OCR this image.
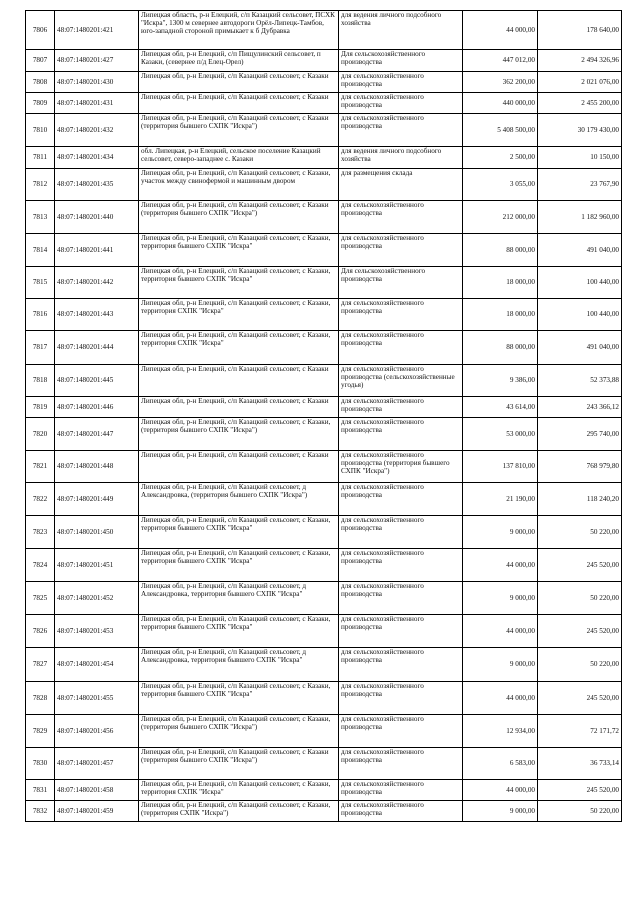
7806	48:07:1480201:421	Липецкая область, р-н Елецкий, с/п Казацкий сельсовет, ПСХК "Искра", 1300 м севернее автодороги Орёл-Липецк-Тамбов, юго-западной стороной примыкает к б Дубравка	для ведения личного подсобного хозяйства	44 000,00	178 640,00
7807	48:07:1480201:427	Липецкая обл, р-н Елецкий, с/п Пищулинский сельсовет, п Казаки, (севернее п/д Елец-Орел)	Для сельскохозяйственного производства	447 012,00	2 494 326,96
7808	48:07:1480201:430	Липецкая обл, р-н Елецкий, с/п Казацкий сельсовет, с Казаки	для сельскохозяйственного производства	362 200,00	2 021 076,00
7809	48:07:1480201:431	Липецкая обл, р-н Елецкий, с/п Казацкий сельсовет, с Казаки	для сельскохозяйственного производства	440 000,00	2 455 200,00
7810	48:07:1480201:432	Липецкая обл, р-н Елецкий, с/п Казацкий сельсовет, с Казаки (территория бывшего СХПК "Искра")	для сельскохозяйственного производства	5 408 500,00	30 179 430,00
7811	48:07:1480201:434	обл. Липецкая, р-н Елецкий, сельское поселение Казацкий сельсовет, северо-западнее с. Казаки	для ведения личного подсобного хозяйства	2 500,00	10 150,00
7812	48:07:1480201:435	Липецкая обл, р-н Елецкий, с/п Казацкий сельсовет, с Казаки, участок между свинофермой и машинным двором	для размещения склада	3 055,00	23 767,90
7813	48:07:1480201:440	Липецкая обл, р-н Елецкий, с/п Казацкий сельсовет, с Казаки (территория бывшего СХПК "Искра")	для сельскохозяйственного производства	212 000,00	1 182 960,00
7814	48:07:1480201:441	Липецкая обл, р-н Елецкий, с/п Казацкий сельсовет, с Казаки, территория бывшего СХПК "Искра"	для сельскохозяйственного производства	88 000,00	491 040,00
7815	48:07:1480201:442	Липецкая обл, р-н Елецкий, с/п Казацкий сельсовет, с Казаки, территория бывшего СХПК "Искра"	Для сельскохозяйственного производства	18 000,00	100 440,00
7816	48:07:1480201:443	Липецкая обл, р-н Елецкий, с/п Казацкий сельсовет, с Казаки, территория СХПК "Искра"	для сельскохозяйственного производства	18 000,00	100 440,00
7817	48:07:1480201:444	Липецкая обл, р-н Елецкий, с/п Казацкий сельсовет, с Казаки, территория СХПК "Искра"	для сельскохозяйственного производства	88 000,00	491 040,00
7818	48:07:1480201:445	Липецкая обл, р-н Елецкий, с/п Казацкий сельсовет, с Казаки	для сельскохозяйственного производства (сельскохозяйственные угодья)	9 386,00	52 373,88
7819	48:07:1480201:446	Липецкая обл, р-н Елецкий, с/п Казацкий сельсовет, с Казаки	для сельскохозяйственного производства	43 614,00	243 366,12
7820	48:07:1480201:447	Липецкая обл, р-н Елецкий, с/п Казацкий сельсовет, с Казаки, (территория бывшего СХПК "Искра")	для сельскохозяйственного производства	53 000,00	295 740,00
7821	48:07:1480201:448	Липецкая обл, р-н Елецкий, с/п Казацкий сельсовет, с Казаки	для сельскохозяйственного производства (территория бывшего СХПК "Искра")	137 810,00	768 979,80
7822	48:07:1480201:449	Липецкая обл, р-н Елецкий, с/п Казацкий сельсовет, д Александровка, (территория бывшего СХПК "Искра")	для сельскохозяйственного производства	21 190,00	118 240,20
7823	48:07:1480201:450	Липецкая обл, р-н Елецкий, с/п Казацкий сельсовет, с Казаки, территория бывшего СХПК "Искра"	для сельскохозяйственного производства	9 000,00	50 220,00
7824	48:07:1480201:451	Липецкая обл, р-н Елецкий, с/п Казацкий сельсовет, с Казаки, территория бывшего СХПК "Искра"	для сельскохозяйственного производства	44 000,00	245 520,00
7825	48:07:1480201:452	Липецкая обл, р-н Елецкий, с/п Казацкий сельсовет, д Александровка, территория бывшего СХПК "Искра"	для сельскохозяйственного производства	9 000,00	50 220,00
7826	48:07:1480201:453	Липецкая обл, р-н Елецкий, с/п Казацкий сельсовет, с Казаки, территория бывшего СХПК "Искра"	для сельскохозяйственного производства	44 000,00	245 520,00
7827	48:07:1480201:454	Липецкая обл, р-н Елецкий, с/п Казацкий сельсовет, д Александровка, территория бывшего СХПК "Искра"	для сельскохозяйственного производства	9 000,00	50 220,00
7828	48:07:1480201:455	Липецкая обл, р-н Елецкий, с/п Казацкий сельсовет, с Казаки, территория бывшего СХПК "Искра"	для сельскохозяйственного производства	44 000,00	245 520,00
7829	48:07:1480201:456	Липецкая обл, р-н Елецкий, с/п Казацкий сельсовет, с Казаки, (территория бывшего СХПК "Искра")	для сельскохозяйственного производства	12 934,00	72 171,72
7830	48:07:1480201:457	Липецкая обл, р-н Елецкий, с/п Казацкий сельсовет, с Казаки (территория бывшего СХПК "Искра")	для сельскохозяйственного производства	6 583,00	36 733,14
7831	48:07:1480201:458	Липецкая обл, р-н Елецкий, с/п Казацкий сельсовет, с Казаки, территория СХПК "Искра"	для сельскохозяйственного производства	44 000,00	245 520,00
7832	48:07:1480201:459	Липецкая обл, р-н Елецкий, с/п Казацкий сельсовет, с Казаки, (территория СХПК "Искра")	для сельскохозяйственного производства	9 000,00	50 220,00
